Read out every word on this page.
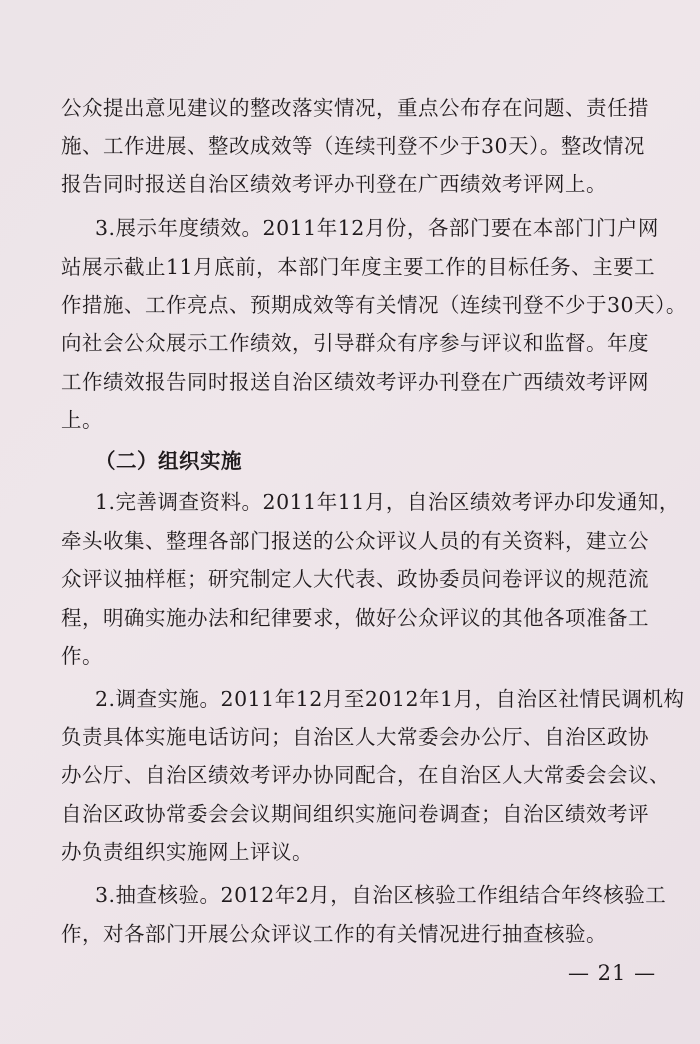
公众提出意见建议的整改落实情况，重点公布存在问题、责任措
施、工作进展、整改成效等（连续刊登不少于30天）。整改情况
报告同时报送自治区绩效考评办刊登在广西绩效考评网上。
3.展示年度绩效。2011年12月份，各部门要在本部门门户网
站展示截止11月底前，本部门年度主要工作的目标任务、主要工
作措施、工作亮点、预期成效等有关情况（连续刊登不少于30天）。
向社会公众展示工作绩效，引导群众有序参与评议和监督。年度
工作绩效报告同时报送自治区绩效考评办刊登在广西绩效考评网
上。
（二）组织实施
1.完善调查资料。2011年11月，自治区绩效考评办印发通知，
牵头收集、整理各部门报送的公众评议人员的有关资料，建立公
众评议抽样框；研究制定人大代表、政协委员问卷评议的规范流
程，明确实施办法和纪律要求，做好公众评议的其他各项准备工
作。
2.调查实施。2011年12月至2012年1月，自治区社情民调机构
负责具体实施电话访问；自治区人大常委会办公厅、自治区政协
办公厅、自治区绩效考评办协同配合，在自治区人大常委会会议、
自治区政协常委会会议期间组织实施问卷调查；自治区绩效考评
办负责组织实施网上评议。
3.抽查核验。2012年2月，自治区核验工作组结合年终核验工
作，对各部门开展公众评议工作的有关情况进行抽查核验。
— 21 —
